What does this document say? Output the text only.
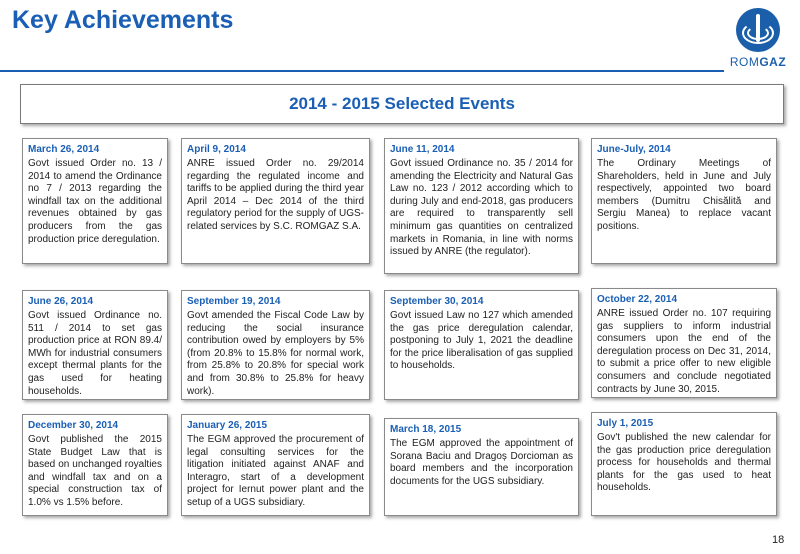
Key Achievements
ROMGAZ
2014 - 2015 Selected Events
March 26, 2014
Govt issued Order no. 13 / 2014 to amend the Ordinance no 7 / 2013 regarding the windfall tax on the additional revenues obtained by gas producers from the gas production price deregulation.
April 9, 2014
ANRE issued Order no. 29/2014 regarding the regulated income and tariffs to be applied during the third year April 2014 – Dec 2014 of the third regulatory period for the supply of UGS-related services by S.C. ROMGAZ S.A.
June 11, 2014
Govt issued Ordinance no. 35 / 2014 for amending the Electricity and Natural Gas Law no. 123 / 2012 according which to during July and end-2018, gas producers are required to transparently sell minimum gas quantities on centralized markets in Romania, in line with norms issued by ANRE (the regulator).
June-July, 2014
The Ordinary Meetings of Shareholders, held in June and July respectively, appointed two board members (Dumitru Chisălită and Sergiu Manea) to replace vacant positions.
June 26, 2014
Govt issued Ordinance no. 511 / 2014 to set gas production price at RON 89.4/ MWh for industrial consumers except thermal plants for the gas used for heating households.
September 19, 2014
Govt amended the Fiscal Code Law by reducing the social insurance contribution owed by employers by 5% (from 20.8% to 15.8% for normal work, from 25.8% to 20.8% for special work and from 30.8% to 25.8% for heavy work).
September 30, 2014
Govt issued Law no 127 which amended the gas price deregulation calendar, postponing to July 1, 2021 the deadline for the price liberalisation of gas supplied to households.
October 22, 2014
ANRE issued Order no. 107 requiring gas suppliers to inform industrial consumers upon the end of the deregulation process on Dec 31, 2014, to submit a price offer to new eligible consumers and conclude negotiated contracts by June 30, 2015.
December 30, 2014
Govt published the 2015 State Budget Law that is based on unchanged royalties and windfall tax and on a special construction tax of 1.0% vs 1.5% before.
January 26, 2015
The EGM approved the procurement of legal consulting services for the litigation initiated against ANAF and Interagro, start of a development project for Iernut power plant and the setup of a UGS subsidiary.
March 18, 2015
The EGM approved the appointment of Sorana Baciu and Dragoș Dorcioman as board members and the incorporation documents for the UGS subsidiary.
July 1, 2015
Gov't published the new calendar for the gas production price deregulation process for households and thermal plants for the gas used to heat households.
18
